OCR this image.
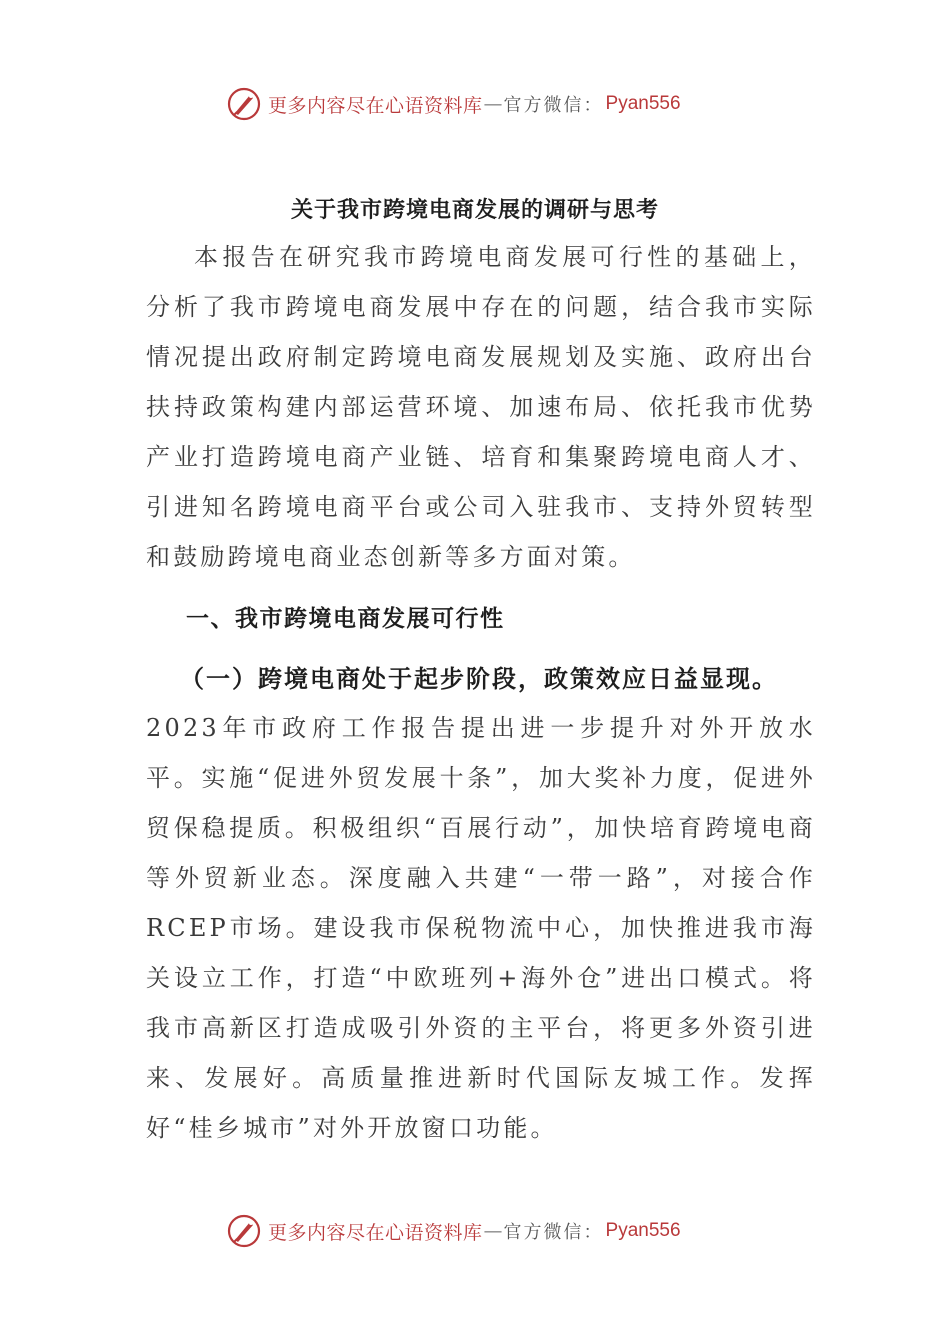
更多内容尽在心语资料库 — 官方微信： Pyan556
关于我市跨境电商发展的调研与思考

本报告在研究我市跨境电商发展可行性的基础上，分析了我市跨境电商发展中存在的问题，结合我市实际情况提出政府制定跨境电商发展规划及实施、政府出台扶持政策构建内部运营环境、加速布局、依托我市优势产业打造跨境电商产业链、培育和集聚跨境电商人才、引进知名跨境电商平台或公司入驻我市、支持外贸转型和鼓励跨境电商业态创新等多方面对策。

一、我市跨境电商发展可行性
（一）跨境电商处于起步阶段，政策效应日益显现。

2023年市政府工作报告提出进一步提升对外开放水平。实施“促进外贸发展十条”，加大奖补力度，促进外贸保稳提质。积极组织“百展行动”，加快培育跨境电商等外贸新业态。深度融入共建“一带一路”，对接合作RCEP市场。建设我市保税物流中心，加快推进我市海关设立工作，打造“中欧班列+海外仓”进出口模式。将我市高新区打造成吸引外资的主平台，将更多外资引进来、发展好。高质量推进新时代国际友城工作。发挥好“桂乡城市”对外开放窗口功能。

更多内容尽在心语资料库 — 官方微信： Pyan556
